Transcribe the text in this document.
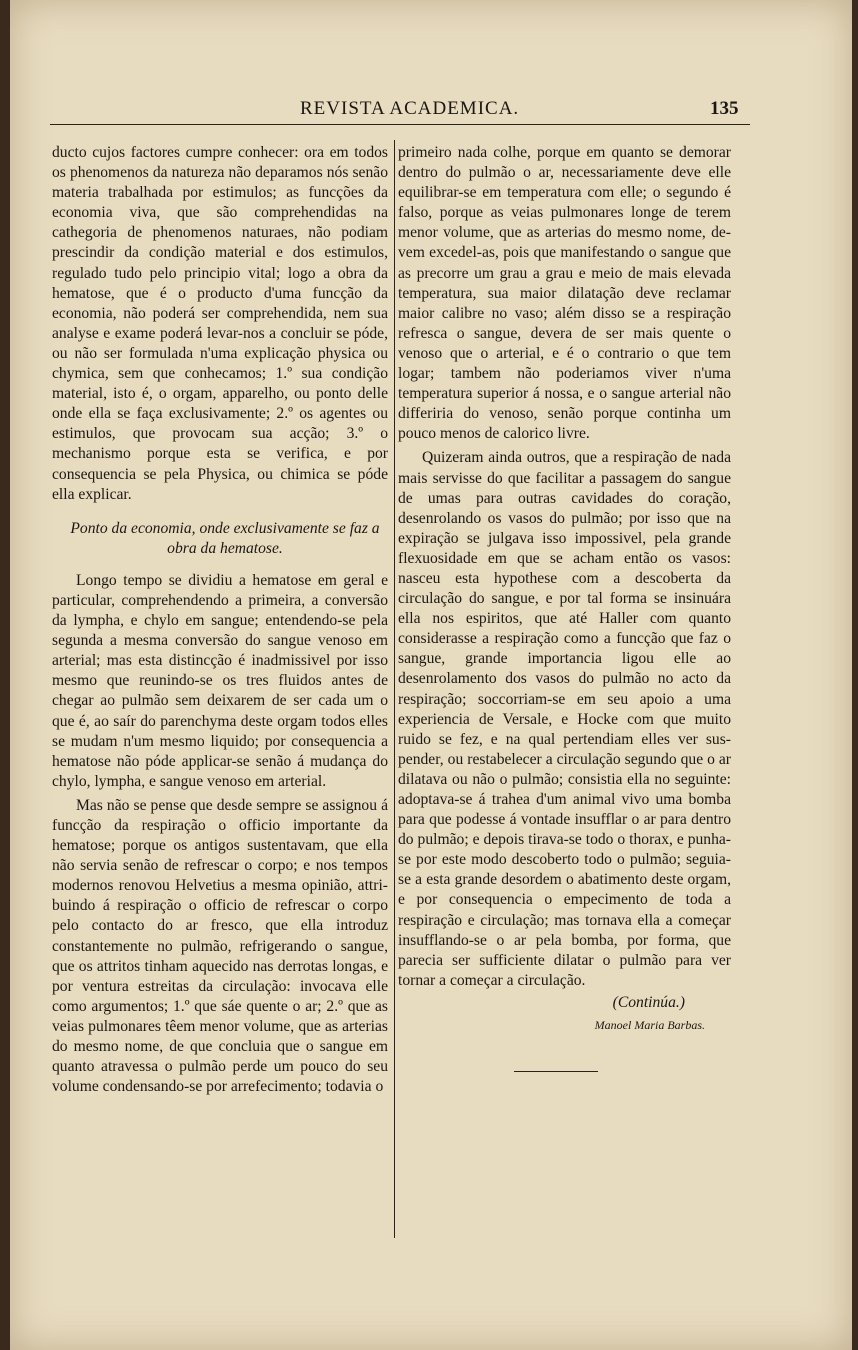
REVISTA ACADEMICA.	135

ducto cujos factores cumpre conhecer: ora em todos os phenomenos da natureza não deparamos nós senão materia trabalhada por estimulos; as funcções da economia viva, que são comprehendidas na cathegoria de phenomenos naturaes, não podiam prescindir da condição material e dos estimulos, regulado tudo pelo principio vital; logo a obra da hematose, que é o producto d'uma funcção da economia, não poderá ser comprehendida, nem sua analyse e exame poderá levar-nos a concluir se póde, ou não ser formulada n'uma explicação physica ou chymica, sem que conhecamos; 1.º sua condição material, isto é, o orgam, apparelho, ou ponto delle onde ella se faça exclusivamente; 2.º os agentes ou estimulos, que provocam sua acção; 3.º o mechanismo porque esta se verifica, e por consequencia se pela Physica, ou chimica se póde ella explicar.

Ponto da economia, onde exclusivamente se faz a obra da hematose.

Longo tempo se dividiu a hematose em geral e particular, comprehendendo a primeira, a conversão da lympha, e chylo em sangue; entendendo-se pela segunda a mesma conversão do sangue venoso em arterial; mas esta distincção é inadmissivel por isso mesmo que reunindo-se os tres fluidos antes de chegar ao pulmão sem deixarem de ser cada um o que é, ao saír do parenchyma deste orgam todos elles se mudam n'um mesmo liquido; por consequencia a hematose não póde applicar-se senão á mudança do chylo, lympha, e sangue venoso em arterial.

Mas não se pense que desde sempre se assignou á funcção da respiração o officio importante da hematose; porque os antigos sustentavam, que ella não servia senão de refrescar o corpo; e nos tempos modernos renovou Helvetius a mesma opinião, attribuindo á respiração o officio de refrescar o corpo pelo contacto do ar fresco, que ella introduz constantemente no pulmão, refrigerando o sangue, que os attritos tinham aquecido nas derrotas longas, e por ventura estreitas da circulação: invocava elle como argumentos; 1.º que sáe quente o ar; 2.º que as veias pulmonares têem menor volume, que as arterias do mesmo nome, de que concluia que o sangue em quanto atravessa o pulmão perde um pouco do seu volume condensando-se por arrefecimento; todavia o

primeiro nada colhe, porque em quanto se demorar dentro do pulmão o ar, necessariamente deve elle equilibrar-se em temperatura com elle; o segundo é falso, porque as veias pulmonares longe de terem menor volume, que as arterias do mesmo nome, devem excedel-as, pois que manifestando o sangue que as precorre um grau a grau e meio de mais elevada temperatura, sua maior dilatação deve reclamar maior calibre no vaso; além disso se a respiração refresca o sangue, devera de ser mais quente o venoso que o arterial, e é o contrario o que tem logar; tambem não poderiamos viver n'uma temperatura superior á nossa, e o sangue arterial não differiria do venoso, senão porque continha um pouco menos de calorico livre.

Quizeram ainda outros, que a respiração de nada mais servisse do que facilitar a passagem do sangue de umas para outras cavidades do coração, desenrolando os vasos do pulmão; por isso que na expiração se julgava isso impossivel, pela grande flexuosidade em que se acham então os vasos: nasceu esta hypothese com a descoberta da circulação do sangue, e por tal forma se insinuára ella nos espiritos, que até Haller com quanto considerasse a respiração como a funcção que faz o sangue, grande importancia ligou elle ao desenrolamento dos vasos do pulmão no acto da respiração; soccorriam-se em seu apoio a uma experiencia de Versale, e Hocke com que muito ruido se fez, e na qual pertendiam elles ver suspender, ou restabelecer a circulação segundo que o ar dilatava ou não o pulmão; consistia ella no seguinte: adoptava-se á trahea d'um animal vivo uma bomba para que podesse á vontade insufflar o ar para dentro do pulmão; e depois tirava-se todo o thorax, e punha-se por este modo descoberto todo o pulmão; seguia-se a esta grande desordem o abatimento deste orgam, e por consequencia o empecimento de toda a respiração e circulação; mas tornava ella a começar insufflando-se o ar pela bomba, por forma, que parecia ser sufficiente dilatar o pulmão para ver tornar a começar a circulação.

(Continúa.)

Manoel Maria Barbas.
